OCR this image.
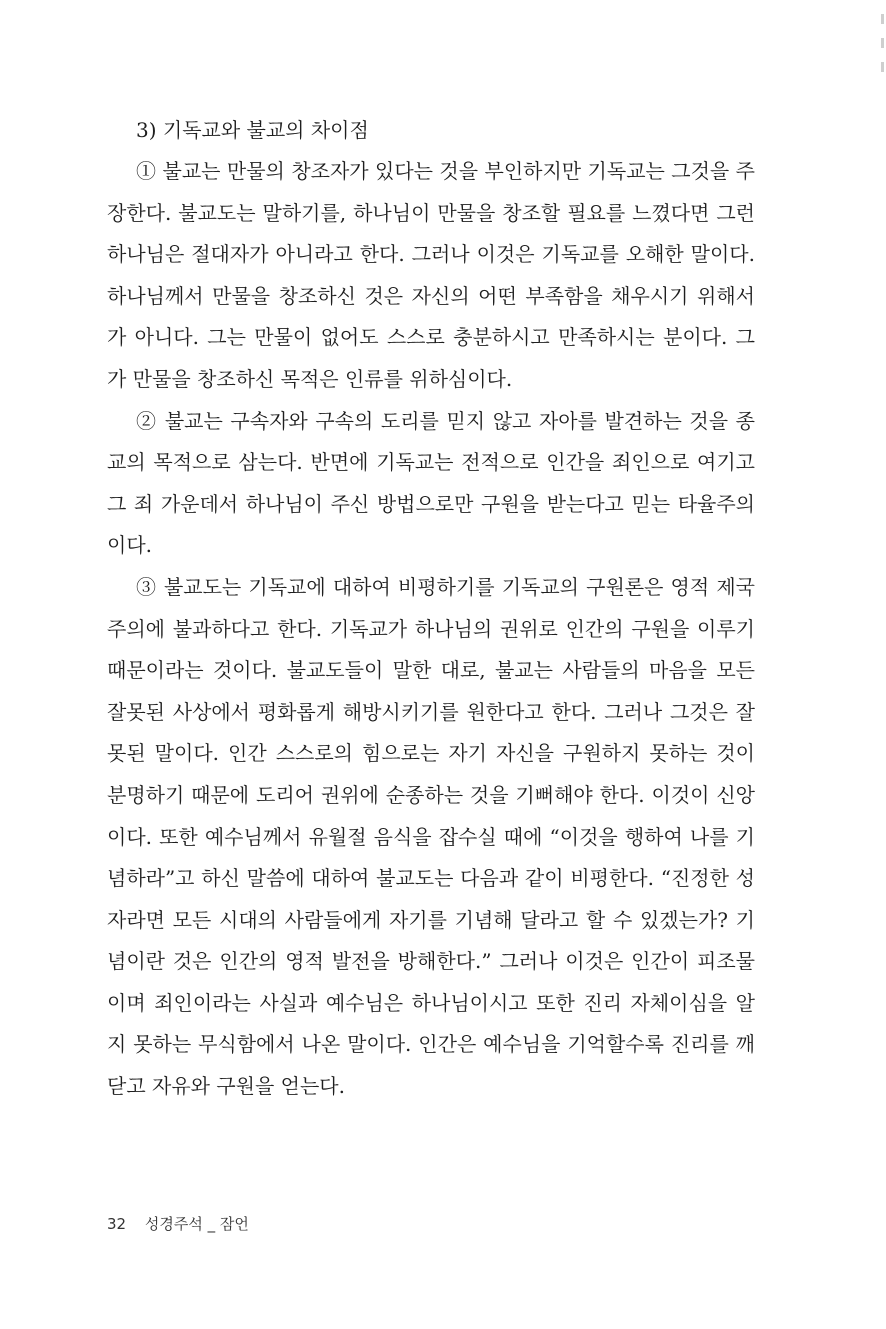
3) 기독교와 불교의 차이점

① 불교는 만물의 창조자가 있다는 것을 부인하지만 기독교는 그것을 주장한다. 불교도는 말하기를, 하나님이 만물을 창조할 필요를 느꼈다면 그런 하나님은 절대자가 아니라고 한다. 그러나 이것은 기독교를 오해한 말이다. 하나님께서 만물을 창조하신 것은 자신의 어떤 부족함을 채우시기 위해서가 아니다. 그는 만물이 없어도 스스로 충분하시고 만족하시는 분이다. 그가 만물을 창조하신 목적은 인류를 위하심이다.

② 불교는 구속자와 구속의 도리를 믿지 않고 자아를 발견하는 것을 종교의 목적으로 삼는다. 반면에 기독교는 전적으로 인간을 죄인으로 여기고 그 죄 가운데서 하나님이 주신 방법으로만 구원을 받는다고 믿는 타율주의이다.

③ 불교도는 기독교에 대하여 비평하기를 기독교의 구원론은 영적 제국주의에 불과하다고 한다. 기독교가 하나님의 권위로 인간의 구원을 이루기 때문이라는 것이다. 불교도들이 말한 대로, 불교는 사람들의 마음을 모든 잘못된 사상에서 평화롭게 해방시키기를 원한다고 한다. 그러나 그것은 잘못된 말이다. 인간 스스로의 힘으로는 자기 자신을 구원하지 못하는 것이 분명하기 때문에 도리어 권위에 순종하는 것을 기뻐해야 한다. 이것이 신앙이다. 또한 예수님께서 유월절 음식을 잡수실 때에 “이것을 행하여 나를 기념하라”고 하신 말씀에 대하여 불교도는 다음과 같이 비평한다. “진정한 성자라면 모든 시대의 사람들에게 자기를 기념해 달라고 할 수 있겠는가? 기념이란 것은 인간의 영적 발전을 방해한다.” 그러나 이것은 인간이 피조물이며 죄인이라는 사실과 예수님은 하나님이시고 또한 진리 자체이심을 알지 못하는 무식함에서 나온 말이다. 인간은 예수님을 기억할수록 진리를 깨닫고 자유와 구원을 얻는다.

32 성경주석 _ 잠언
